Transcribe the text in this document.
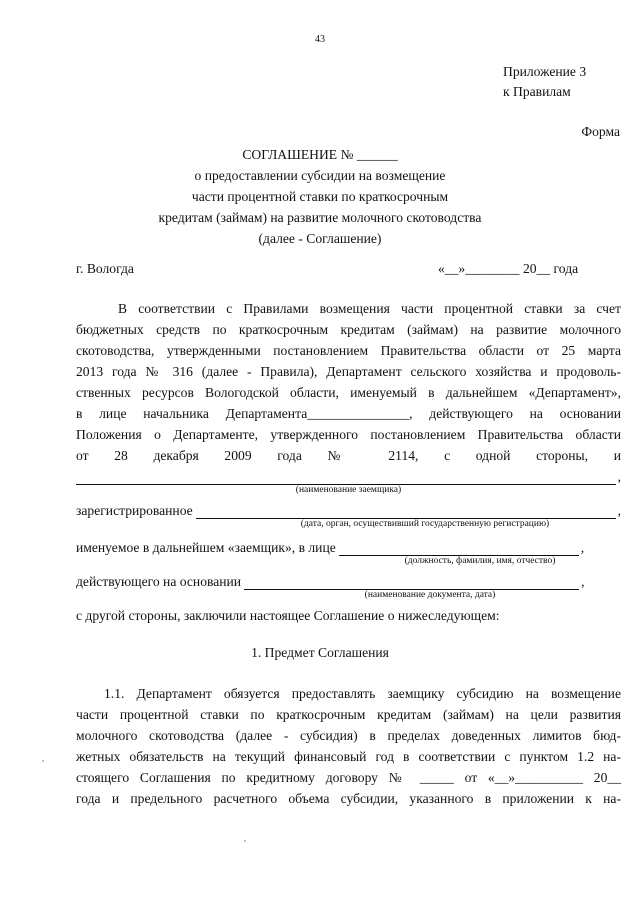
43
Приложение 3
к Правилам
Форма
СОГЛАШЕНИЕ № ______
о предоставлении субсидии на возмещение
части процентной ставки по краткосрочным
кредитам (займам) на развитие молочного скотоводства
(далее - Соглашение)
г. Вологда	«__»________ 20__ года
В соответствии с Правилами возмещения части процентной ставки за счет
бюджетных средств по краткосрочным кредитам (займам) на развитие молочного
скотоводства, утвержденными постановлением Правительства области от 25 марта
2013 года № 316 (далее - Правила), Департамент сельского хозяйства и продоволь-
ственных ресурсов Вологодской области, именуемый в дальнейшем «Департамент»,
в лице начальника Департамента_______________, действующего на основании
Положения о Департаменте, утвержденного постановлением Правительства области
от 28 декабря 2009 года № 2114, с одной стороны, и
,
(наименование заемщика)
зарегистрированное	,
(дата, орган, осуществивший государственную регистрацию)
именуемое в дальнейшем «заемщик», в лице	,
(должность, фамилия, имя, отчество)
действующего на основании	,
(наименование документа, дата)
с другой стороны, заключили настоящее Соглашение о нижеследующем:
1. Предмет Соглашения
1.1. Департамент обязуется предоставлять заемщику субсидию на возмещение
части процентной ставки по краткосрочным кредитам (займам) на цели развития
молочного скотоводства (далее - субсидия) в пределах доведенных лимитов бюд-
жетных обязательств на текущий финансовый год в соответствии с пунктом 1.2 на-
стоящего Соглашения по кредитному договору № _____ от «__»__________ 20__
года и предельного расчетного объема субсидии, указанного в приложении к на-
